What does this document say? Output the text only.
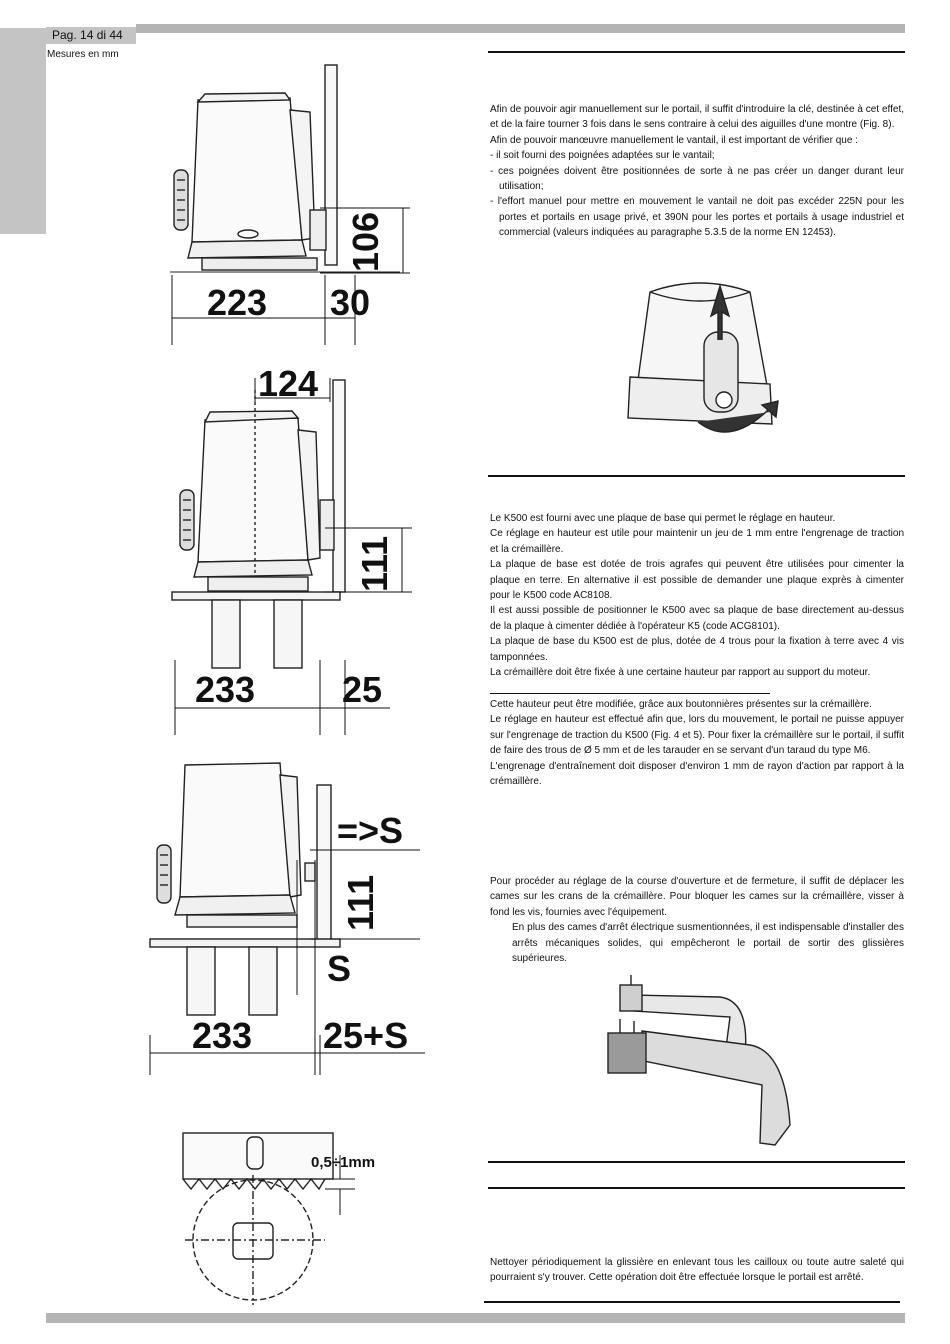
Pag. 14 di 44
Mesures en mm
223 30
106
124
111
233 25
=>S
111
S
233 25+S
0,5÷1mm

Afin de pouvoir agir manuellement sur le portail, il suffit d'introduire la clé, destinée à cet effet, et de la faire tourner 3 fois dans le sens contraire à celui des aiguilles d'une montre (Fig. 8).

Afin de pouvoir manœuvre manuellement le vantail, il est important de vérifier que :

- il soit fourni des poignées adaptées sur le vantail;
- ces poignées doivent être positionnées de sorte à ne pas créer un danger durant leur utilisation;
- l'effort manuel pour mettre en mouvement le vantail ne doit pas excéder 225N pour les portes et portails en usage privé, et 390N pour les portes et portails à usage industriel et commercial (valeurs indiquées au paragraphe 5.3.5 de la norme EN 12453).

Le K500 est fourni avec une plaque de base qui permet le réglage en hauteur.

Ce réglage en hauteur est utile pour maintenir un jeu de 1 mm entre l'engrenage de traction et la crémaillère.

La plaque de base est dotée de trois agrafes qui peuvent être utilisées pour cimenter la plaque en terre. En alternative il est possible de demander une plaque exprès à cimenter pour le K500 code AC8108.

Il est aussi possible de positionner le K500 avec sa plaque de base directement au-dessus de la plaque à cimenter dédiée à l'opérateur K5 (code ACG8101).

La plaque de base du K500 est de plus, dotée de 4 trous pour la fixation à terre avec 4 vis tamponnées.

La crémaillère doit être fixée à une certaine hauteur par rapport au support du moteur.

Cette hauteur peut être modifiée, grâce aux boutonnières présentes sur la crémaillère.

Le réglage en hauteur est effectué afin que, lors du mouvement, le portail ne puisse appuyer sur l'engrenage de traction du K500 (Fig. 4 et 5). Pour fixer la crémaillère sur le portail, il suffit de faire des trous de Ø 5 mm et de les tarauder en se servant d'un taraud du type M6.

L'engrenage d'entraînement doit disposer d'environ 1 mm de rayon d'action par rapport à la crémaillère.

Pour procéder au réglage de la course d'ouverture et de fermeture, il suffit de déplacer les cames sur les crans de la crémaillère. Pour bloquer les cames sur la crémaillère, visser à fond les vis, fournies avec l'équipement.

En plus des cames d'arrêt électrique susmentionnées, il est indispensable d'installer des arrêts mécaniques solides, qui empêcheront le portail de sortir des glissières supérieures.

Nettoyer périodiquement la glissière en enlevant tous les cailloux ou toute autre saleté qui pourraient s'y trouver. Cette opération doit être effectuée lorsque le portail est arrêté.
